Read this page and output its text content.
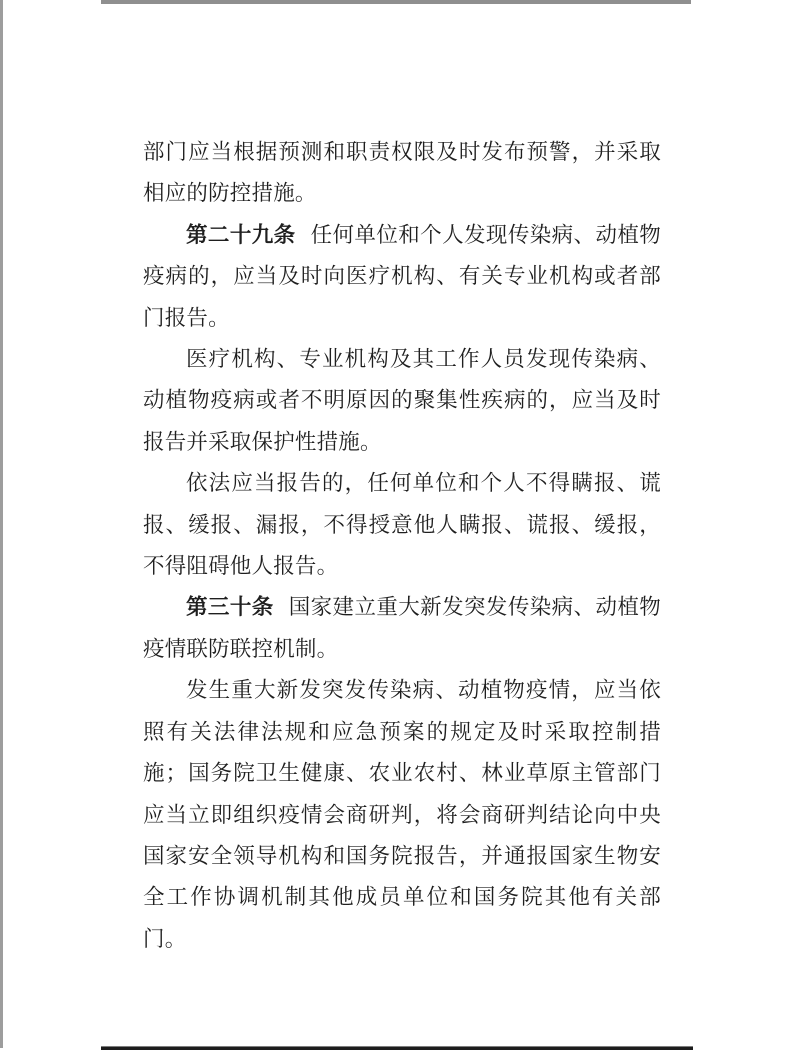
部门应当根据预测和职责权限及时发布预警，并采取相应的防控措施。

第二十九条 任何单位和个人发现传染病、动植物疫病的，应当及时向医疗机构、有关专业机构或者部门报告。

医疗机构、专业机构及其工作人员发现传染病、动植物疫病或者不明原因的聚集性疾病的，应当及时报告并采取保护性措施。

依法应当报告的，任何单位和个人不得瞒报、谎报、缓报、漏报，不得授意他人瞒报、谎报、缓报，不得阻碍他人报告。

第三十条 国家建立重大新发突发传染病、动植物疫情联防联控机制。

发生重大新发突发传染病、动植物疫情，应当依照有关法律法规和应急预案的规定及时采取控制措施；国务院卫生健康、农业农村、林业草原主管部门应当立即组织疫情会商研判，将会商研判结论向中央国家安全领导机构和国务院报告，并通报国家生物安全工作协调机制其他成员单位和国务院其他有关部门。
